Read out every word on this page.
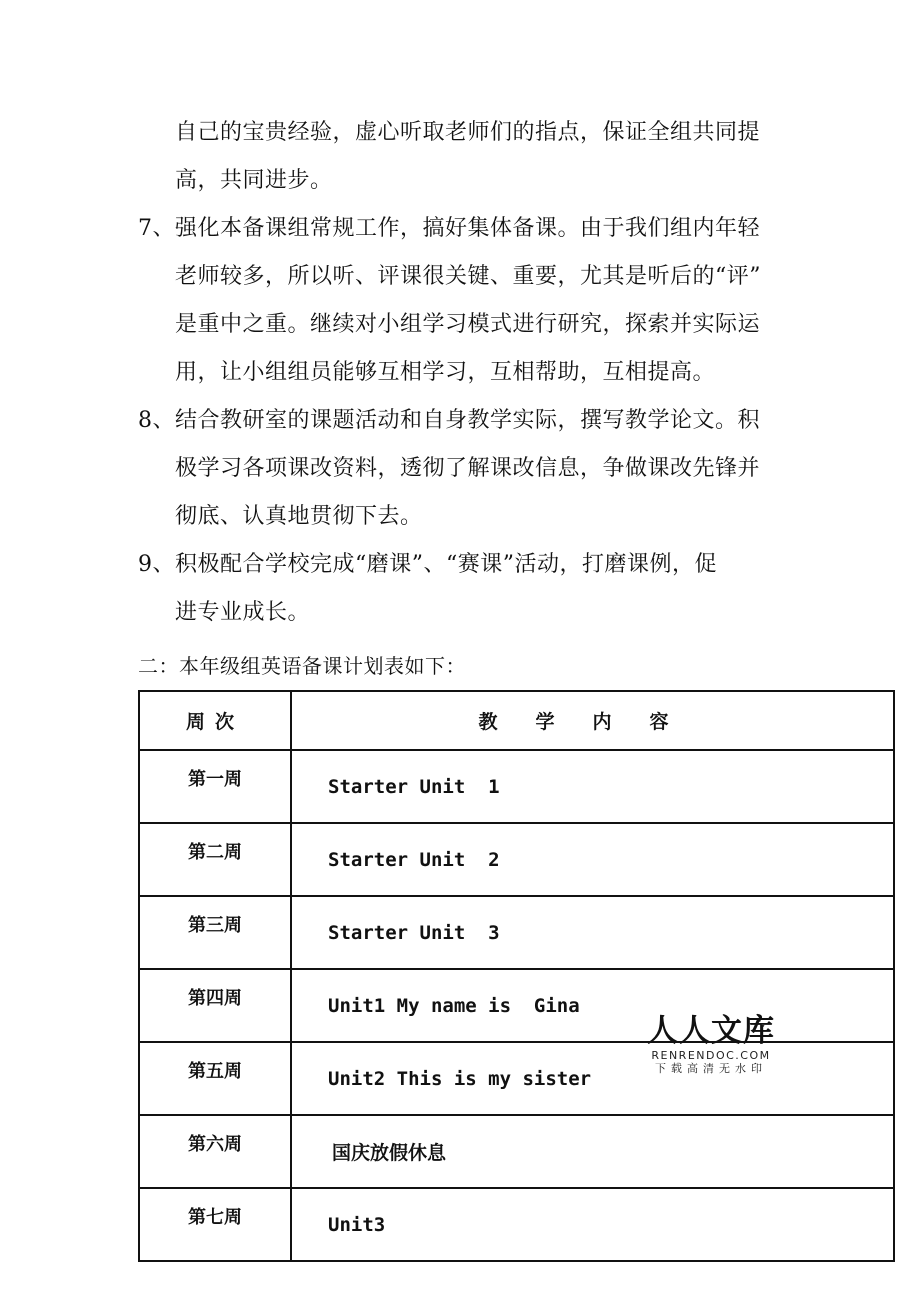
自己的宝贵经验，虚心听取老师们的指点，保证全组共同提
高，共同进步。
7、强化本备课组常规工作，搞好集体备课。由于我们组内年轻
老师较多，所以听、评课很关键、重要，尤其是听后的“评”
是重中之重。继续对小组学习模式进行研究，探索并实际运
用，让小组组员能够互相学习，互相帮助，互相提高。
8、结合教研室的课题活动和自身教学实际，撰写教学论文。积
极学习各项课改资料，透彻了解课改信息，争做课改先锋并
彻底、认真地贯彻下去。
9、积极配合学校完成“磨课”、“赛课”活动，打磨课例，促
进专业成长。
二：本年级组英语备课计划表如下：
周次	教学内容
第一周	Starter Unit  1
第二周	Starter Unit  2
第三周	Starter Unit  3
第四周	Unit1 My name is  Gina
第五周	Unit2 This is my sister
第六周	国庆放假休息
第七周	Unit3
人人文库
RENRENDOC.COM
下载高清无水印
